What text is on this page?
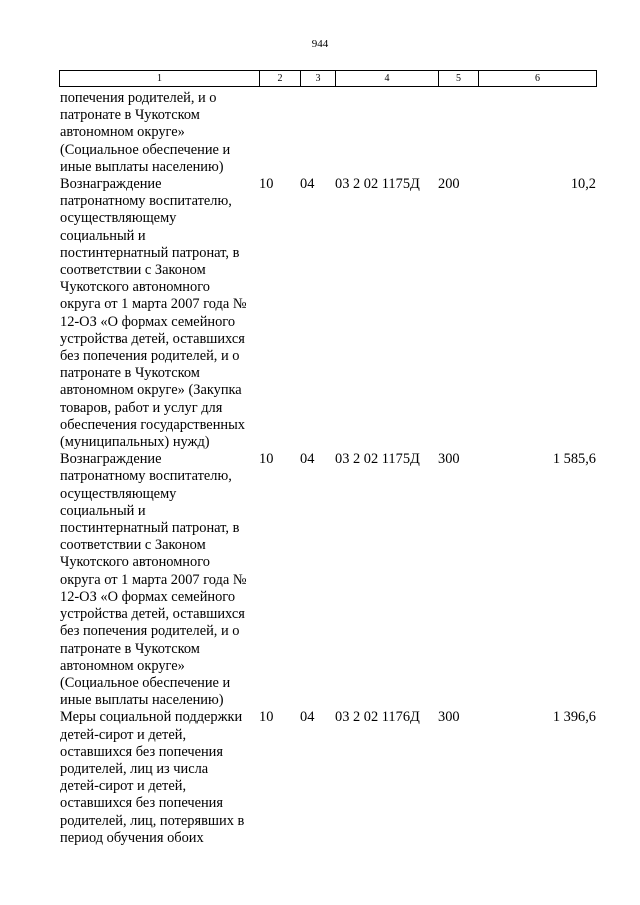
944
1	2	3	4	5	6
попечения родителей, и о
патронате в Чукотском
автономном округе»
(Социальное обеспечение и
иные выплаты населению)
Вознаграждение
патронатному воспитателю,
осуществляющему
социальный и
постинтернатный патронат, в
соответствии с Законом
Чукотского автономного
округа от 1 марта 2007 года №
12-ОЗ «О формах семейного
устройства детей, оставшихся
без попечения родителей, и о
патронате в Чукотском
автономном округе» (Закупка
товаров, работ и услуг для
обеспечения государственных
(муниципальных) нужд)
10	04	03 2 02 1175Д	200	10,2
Вознаграждение
патронатному воспитателю,
осуществляющему
социальный и
постинтернатный патронат, в
соответствии с Законом
Чукотского автономного
округа от 1 марта 2007 года №
12-ОЗ «О формах семейного
устройства детей, оставшихся
без попечения родителей, и о
патронате в Чукотском
автономном округе»
(Социальное обеспечение и
иные выплаты населению)
10	04	03 2 02 1175Д	300	1 585,6
Меры социальной поддержки
детей-сирот и детей,
оставшихся без попечения
родителей, лиц из числа
детей-сирот и детей,
оставшихся без попечения
родителей, лиц, потерявших в
период обучения обоих
10	04	03 2 02 1176Д	300	1 396,6
